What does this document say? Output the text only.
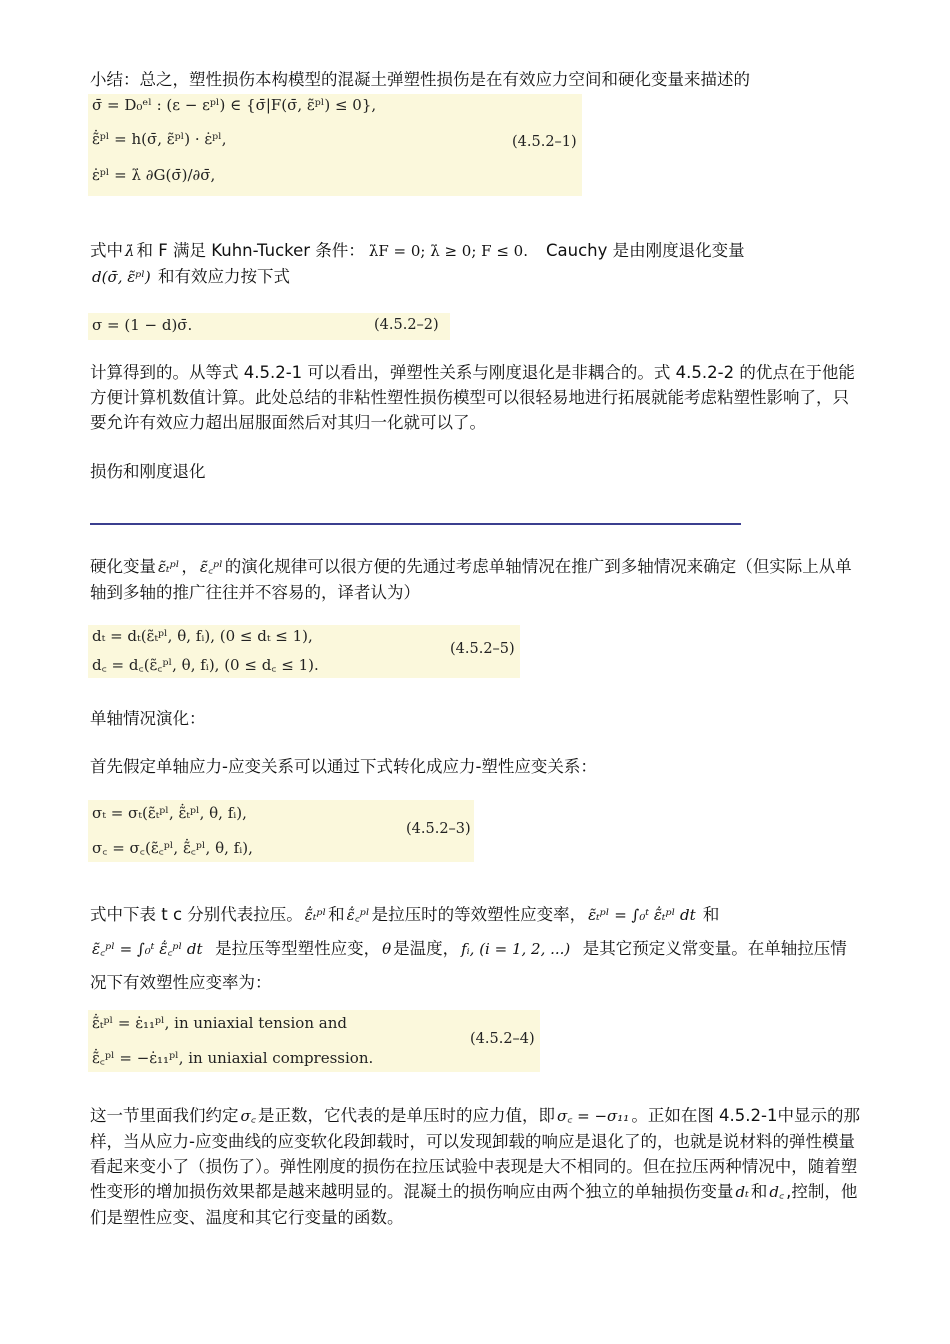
小结：总之，塑性损伤本构模型的混凝土弹塑性损伤是在有效应力空间和硬化变量来描述的

σ̄ = D₀ᵉˡ : (ε − εᵖˡ) ∈ {σ̄|F(σ̄, ε̃ᵖˡ) ≤ 0},
ε̃̇ᵖˡ = h(σ̄, ε̃ᵖˡ) · ε̇ᵖˡ,
ε̇ᵖˡ = λ̇ ∂G(σ̄)/∂σ̄,
(4.5.2–1)

式中 λ̇ 和 F 满足 Kuhn-Tucker 条件： λ̇F = 0; λ̇ ≥ 0; F ≤ 0. Cauchy 是由刚度退化变量
d(σ̄, ε̃ᵖˡ) 和有效应力按下式

σ = (1 − d)σ̄.	(4.5.2–2)

计算得到的。从等式 4.5.2-1 可以看出，弹塑性关系与刚度退化是非耦合的。式 4.5.2-2 的优点在于他能方便计算机数值计算。此处总结的非粘性塑性损伤模型可以很轻易地进行拓展就能考虑粘塑性影响了，只要允许有效应力超出屈服面然后对其归一化就可以了。

损伤和刚度退化

硬化变量 ε̃ₜᵖˡ ， ε̃꜀ᵖˡ 的演化规律可以很方便的先通过考虑单轴情况在推广到多轴情况来确定（但实际上从单轴到多轴的推广往往并不容易的，译者认为）

dₜ = dₜ(ε̃ₜᵖˡ, θ, fᵢ), (0 ≤ dₜ ≤ 1),
d꜀ = d꜀(ε̃꜀ᵖˡ, θ, fᵢ), (0 ≤ d꜀ ≤ 1).
(4.5.2–5)

单轴情况演化：

首先假定单轴应力-应变关系可以通过下式转化成应力-塑性应变关系：

σₜ = σₜ(ε̃ₜᵖˡ, ε̃̇ₜᵖˡ, θ, fᵢ),
σ꜀ = σ꜀(ε̃꜀ᵖˡ, ε̃̇꜀ᵖˡ, θ, fᵢ),
(4.5.2–3)

式中下表 t c 分别代表拉压。 ε̃̇ₜᵖˡ 和 ε̃̇꜀ᵖˡ 是拉压时的等效塑性应变率， ε̃ₜᵖˡ = ∫₀ᵗ ε̃̇ₜᵖˡ dt 和
ε̃꜀ᵖˡ = ∫₀ᵗ ε̃̇꜀ᵖˡ dt 是拉压等型塑性应变， θ 是温度， fᵢ, (i = 1, 2, ...) 是其它预定义常变量。在单轴拉压情况下有效塑性应变率为：

ε̃̇ₜᵖˡ = ε̇₁₁ᵖˡ, in uniaxial tension and
ε̃̇꜀ᵖˡ = −ε̇₁₁ᵖˡ, in uniaxial compression.
(4.5.2–4)

这一节里面我们约定 σ꜀ 是正数，它代表的是单压时的应力值，即 σ꜀ = −σ₁₁ 。正如在图 4.5.2-1中显示的那样，当从应力-应变曲线的应变软化段卸载时，可以发现卸载的响应是退化了的，也就是说材料的弹性模量看起来变小了（损伤了）。弹性刚度的损伤在拉压试验中表现是大不相同的。但在拉压两种情况中，随着塑性变形的增加损伤效果都是越来越明显的。混凝土的损伤响应由两个独立的单轴损伤变量 dₜ 和 d꜀ ,控制，他们是塑性应变、温度和其它行变量的函数。
